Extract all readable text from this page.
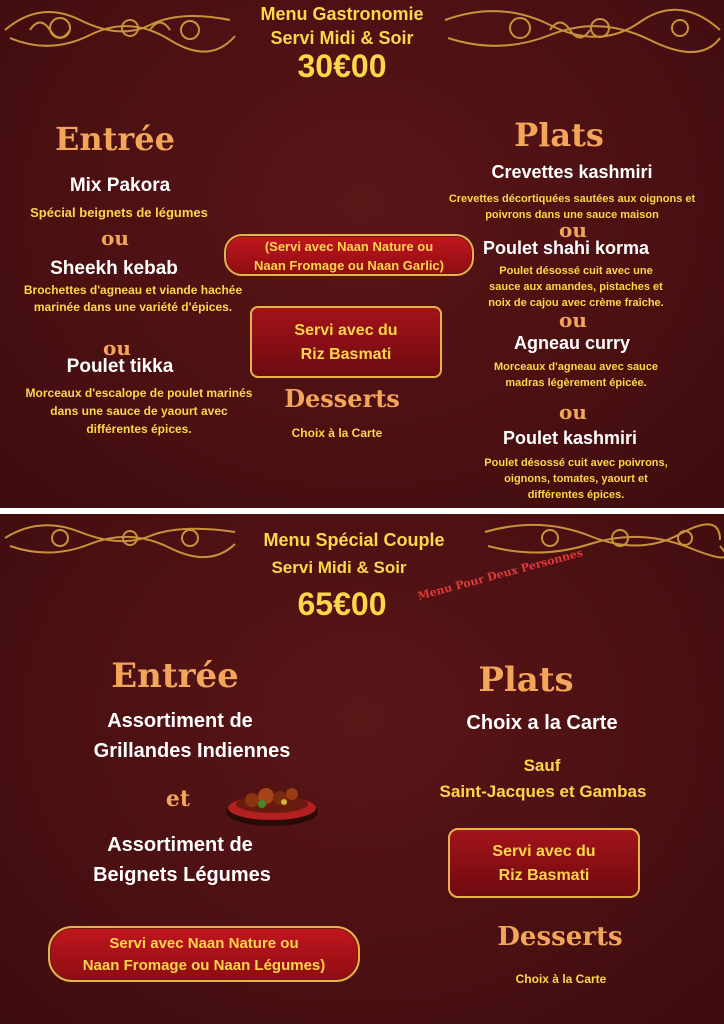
Menu Gastronomie
Servi Midi & Soir
30€00
Entrée
Mix Pakora
Spécial beignets de légumes
ou
Sheekh kebab
Brochettes d'agneau et viande hachée marinée dans une variété d'épices.
ou
Poulet tikka
Morceaux d'escalope de poulet marinés dans une sauce de yaourt avec différentes épices.
(Servi avec Naan Nature ou
Naan Fromage ou Naan Garlic)
Servi avec du
Riz Basmati
Desserts
Choix à la Carte
Plats
Crevettes kashmiri
Crevettes décortiquées sautées aux oignons et
poivrons dans une sauce maison
ou
Poulet shahi korma
Poulet désossé cuit avec une
sauce aux amandes, pistaches et
noix de cajou avec crème fraîche.
ou
Agneau curry
Morceaux d'agneau avec sauce
madras légèrement épicée.
ou
Poulet kashmiri
Poulet désossé cuit avec poivrons,
oignons, tomates, yaourt et
différentes épices.
Menu Spécial Couple
Servi Midi & Soir
65€00
Menu Pour Deux Personnes
Entrée
Assortiment de
Grillandes Indiennes
et
Assortiment de
Beignets Légumes
Servi avec Naan Nature ou
Naan Fromage ou Naan Légumes)
Plats
Choix a la Carte
Sauf
Saint-Jacques et Gambas
Servi avec du
Riz Basmati
Desserts
Choix à la Carte
